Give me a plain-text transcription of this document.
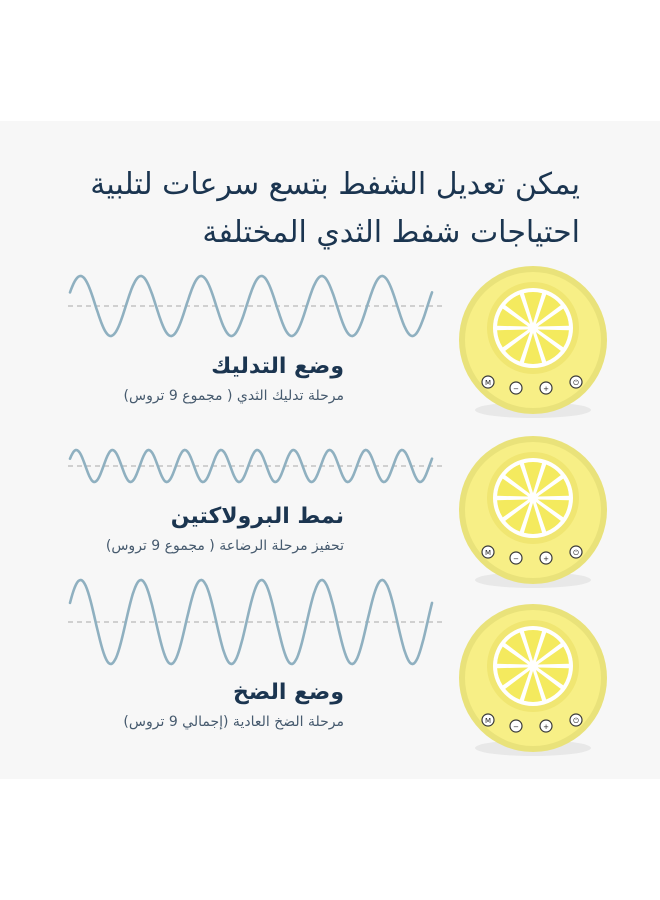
يمكن تعديل الشفط بتسع سرعات لتلبية
احتياجات شفط الثدي المختلفة
وضع التدليك
مرحلة تدليك الثدي ( مجموع 9 تروس)
M
−	+
⏻
نمط البرولاكتين
تحفيز مرحلة الرضاعة ( مجموع 9 تروس)	M
−	+
⏻
وضع الضخ
مرحلة الضخ العادية (إجمالي 9 تروس)	M
−	+
⏻
